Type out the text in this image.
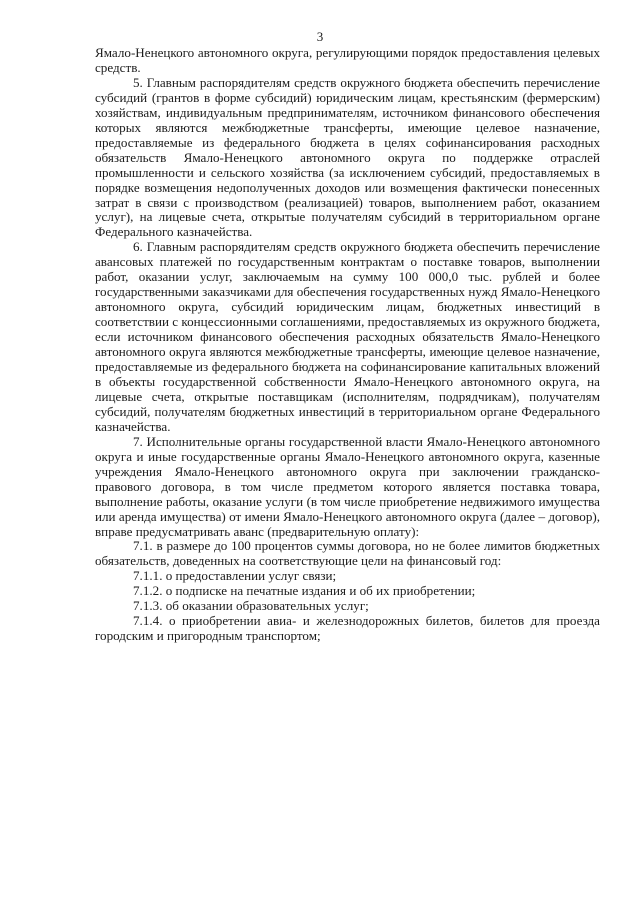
3

Ямало-Ненецкого автономного округа, регулирующими порядок предоставления целевых средств.

5. Главным распорядителям средств окружного бюджета обеспечить перечисление субсидий (грантов в форме субсидий) юридическим лицам, крестьянским (фермерским) хозяйствам, индивидуальным предпринимателям, источником финансового обеспечения которых являются межбюджетные трансферты, имеющие целевое назначение, предоставляемые из федерального бюджета в целях софинансирования расходных обязательств Ямало-Ненецкого автономного округа по поддержке отраслей промышленности и сельского хозяйства (за исключением субсидий, предоставляемых в порядке возмещения недополученных доходов или возмещения фактически понесенных затрат в связи с производством (реализацией) товаров, выполнением работ, оказанием услуг), на лицевые счета, открытые получателям субсидий в территориальном органе Федерального казначейства.

6. Главным распорядителям средств окружного бюджета обеспечить перечисление авансовых платежей по государственным контрактам о поставке товаров, выполнении работ, оказании услуг, заключаемым на сумму 100 000,0 тыс. рублей и более государственными заказчиками для обеспечения государственных нужд Ямало-Ненецкого автономного округа, субсидий юридическим лицам, бюджетных инвестиций в соответствии с концессионными соглашениями, предоставляемых из окружного бюджета, если источником финансового обеспечения расходных обязательств Ямало-Ненецкого автономного округа являются межбюджетные трансферты, имеющие целевое назначение, предоставляемые из федерального бюджета на софинансирование капитальных вложений в объекты государственной собственности Ямало-Ненецкого автономного округа, на лицевые счета, открытые поставщикам (исполнителям, подрядчикам), получателям субсидий, получателям бюджетных инвестиций в территориальном органе Федерального казначейства.

7. Исполнительные органы государственной власти Ямало-Ненецкого автономного округа и иные государственные органы Ямало-Ненецкого автономного округа, казенные учреждения Ямало-Ненецкого автономного округа при заключении гражданско-правового договора, в том числе предметом которого является поставка товара, выполнение работы, оказание услуги (в том числе приобретение недвижимого имущества или аренда имущества) от имени Ямало-Ненецкого автономного округа (далее – договор), вправе предусматривать аванс (предварительную оплату):

7.1. в размере до 100 процентов суммы договора, но не более лимитов бюджетных обязательств, доведенных на соответствующие цели на финансовый год:

7.1.1. о предоставлении услуг связи;

7.1.2. о подписке на печатные издания и об их приобретении;

7.1.3. об оказании образовательных услуг;

7.1.4. о приобретении авиа- и железнодорожных билетов, билетов для проезда городским и пригородным транспортом;
